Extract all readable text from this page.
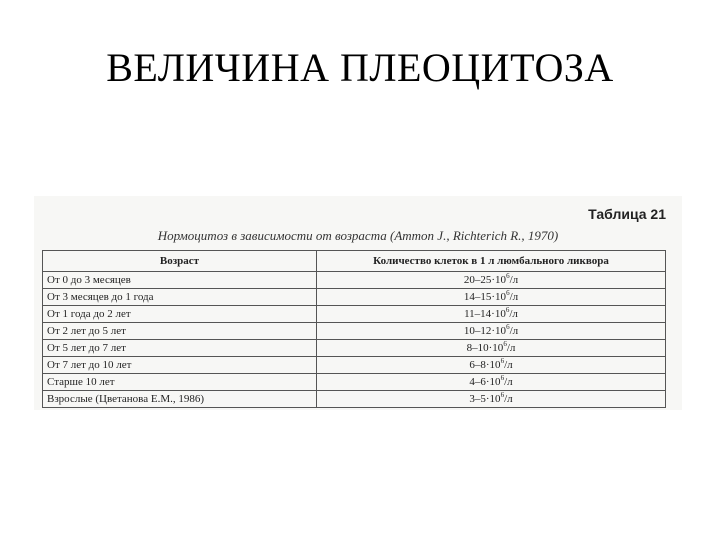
ВЕЛИЧИНА ПЛЕОЦИТОЗА
Таблица 21
Нормоцитоз в зависимости от возраста (Ammon J., Richterich R., 1970)
Возраст	Количество клеток в 1 л люмбального ликвора
От 0 до 3 месяцев	$20-25\cdot 10^6/л$
От 3 месяцев до 1 года	$14-15\cdot 10^6/л$
От 1 года до 2 лет	$11-14\cdot 10^6/л$
От 2 лет до 5 лет	$10-12\cdot 10^6/л$
От 5 лет до 7 лет	$8-10\cdot 10^6/л$
От 7 лет до 10 лет	$6-8\cdot 10^6/л$
Старше 10 лет	$4-6\cdot 10^6/л$
Взрослые (Цветанова Е.М., 1986)	$3-5\cdot 10^6/л$
